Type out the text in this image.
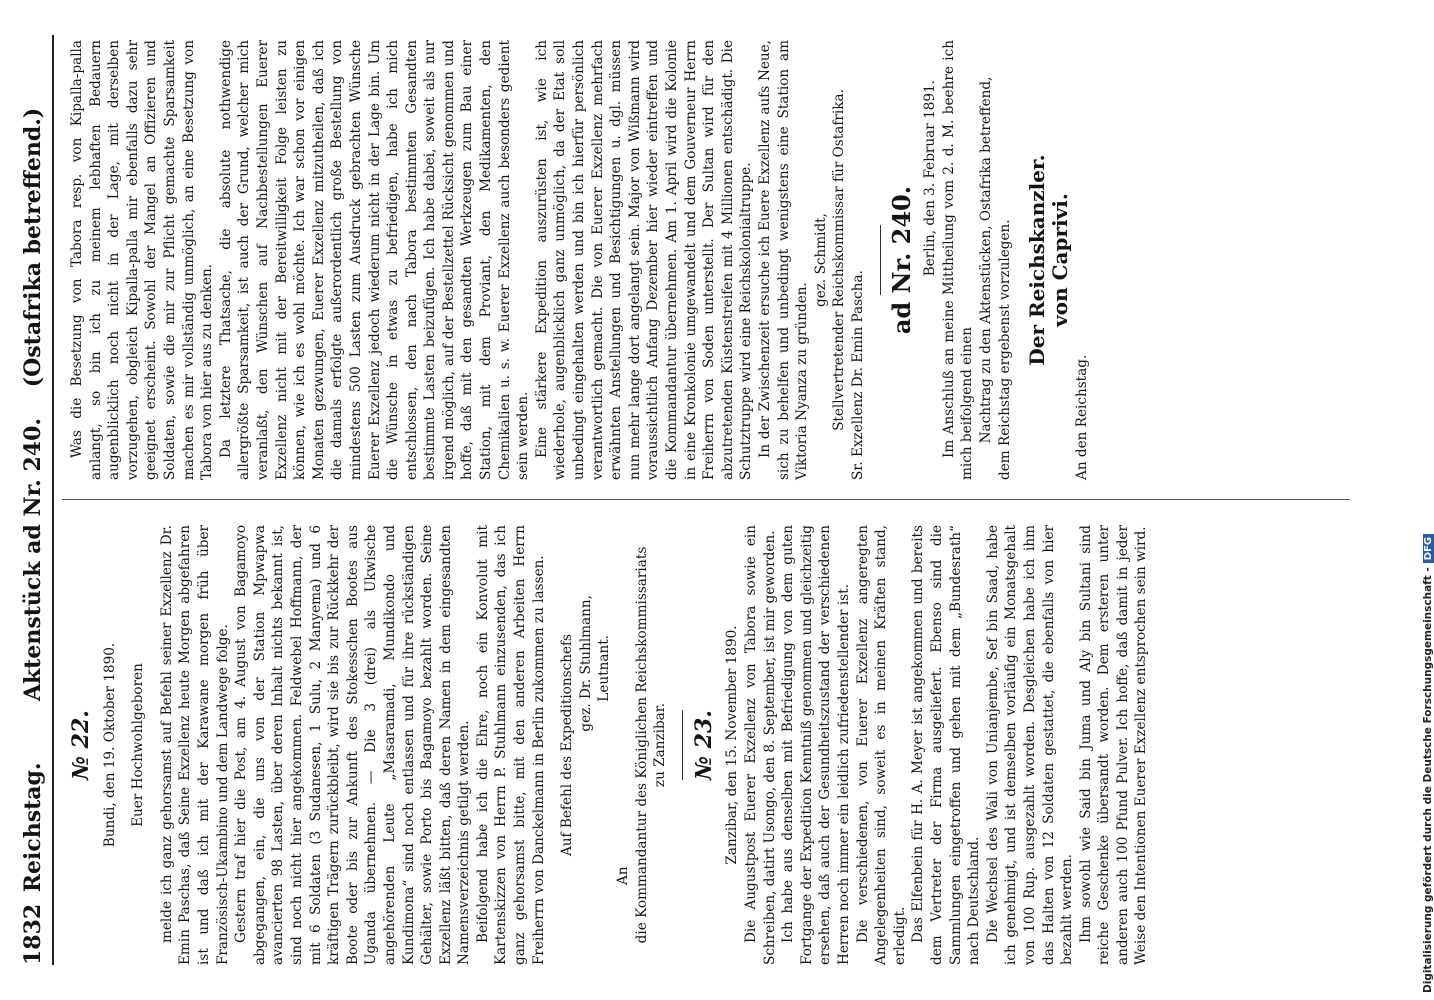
1832
Reichstag.        Aktenstück ad Nr. 240.    (Ostafrika betreffend.)
№ 22. Bundi, den 19. Oktober 1890. Euer Hochwohlgeboren melde ich ganz gehorsamst auf Befehl seiner Exzellenz Dr. Emin Paschas, daß Seine Exzellenz heute Morgen abgefahren ist und daß ich mit der Karawane morgen früh über Französisch-Ukambino und dem Landwege folge. Gestern traf hier die Post, am 4. August von Bagamoyo abgegangen, ein, die uns von der Station Mpwapwa avancierten 98 Lasten, über deren Inhalt nichts bekannt ist, sind noch nicht hier angekommen. Feldwebel Hoffmann, der mit 6 Soldaten (3 Sudanesen, 1 Sulu, 2 Manyema) und 6 kräftigen Trägern zurückbleibt, wird sie bis zur Rückkehr der Boote oder bis zur Ankunft des Stokesschen Bootes aus Uganda übernehmen. — Die 3 (drei) als Ukwische angehörenden Leute „Masaramadi, Mundikondo und Kundimona“ sind noch entlassen und für ihre rückständigen Gehälter, sowie Porto bis Bagamoyo bezahlt worden. Seine Exzellenz läßt bitten, daß deren Namen in dem eingesandten Namensverzeichnis getilgt werden. Beifolgend habe ich die Ehre, noch ein Konvolut mit Kartenskizzen von Herrn P. Stuhlmann einzusenden, das ich ganz gehorsamst bitte, mit den anderen Arbeiten Herrn Freiherrn von Danckelmann in Berlin zukommen zu lassen. Auf Befehl des Expeditionschefs gez. Dr. Stuhlmann, Leutnant.

An die Kommandantur des Königlichen Reichskommissariats zu Zanzibar. № 23. Zanzibar, den 15. November 1890. Die Augustpost Euerer Exzellenz von Tabora sowie ein Schreiben, datirt Usongo, den 8. September, ist mir geworden. Ich habe aus denselben mit Befriedigung von dem guten Fortgange der Expedition Kenntniß genommen und gleichzeitig ersehen, daß auch der Gesundheitszustand der verschiedenen Herren noch immer ein leidlich zufriedenstellender ist. Die verschiedenen, von Euerer Exzellenz angeregten Angelegenheiten sind, soweit es in meinen Kräften stand, erledigt. Das Elfenbein für H. A. Meyer ist angekommen und bereits dem Vertreter der Firma ausgeliefert. Ebenso sind die Sammlungen eingetroffen und gehen mit dem „Bundesrath“ nach Deutschland. Die Wechsel des Wali von Unianjembe, Sef bin Saad, habe ich genehmigt, und ist demselben vorläufig ein Monatsgehalt von 100 Rup. ausgezahlt worden. Desgleichen habe ich ihm das Halten von 12 Soldaten gestattet, die ebenfalls von hier bezahlt werden. Ihm sowohl wie Said bin Juma und Aly bin Sultani sind reiche Geschenke übersandt worden. Dem ersteren unter anderen auch 100 Pfund Pulver. Ich hoffe, daß damit in jeder Weise den Intentionen Euerer Exzellenz entsprochen sein wird.

Was die Besetzung von Tabora resp. von Kipalla-palla anlangt, so bin ich zu meinem lebhaften Bedauern augenblicklich noch nicht in der Lage, mit derselben vorzugehen, obgleich Kipalla-palla mir ebenfalls dazu sehr geeignet erscheint. Sowohl der Mangel an Offizieren und Soldaten, sowie die mir zur Pflicht gemachte Sparsamkeit machen es mir vollständig unmöglich, an eine Besetzung von Tabora von hier aus zu denken. Da letztere Thatsache, die absolute nothwendige allergrößte Sparsamkeit, ist auch der Grund, welcher mich veranlaßt, den Wünschen auf Nachbestellungen Euerer Exzellenz nicht mit der Bereitwilligkeit Folge leisten zu können, wie ich es wohl möchte. Ich war schon vor einigen Monaten gezwungen, Euerer Exzellenz mitzutheilen, daß ich die damals erfolgte außerordentlich große Bestellung von mindestens 500 Lasten zum Ausdruck gebrachten Wünsche Euerer Exzellenz jedoch wiederum nicht in der Lage bin. Um die Wünsche in etwas zu befriedigen, habe ich mich entschlossen, den nach Tabora bestimmten Gesandten bestimmte Lasten beizufügen. Ich habe dabei, soweit als nur irgend möglich, auf der Bestellzettel Rücksicht genommen und hoffe, daß mit den gesandten Werkzeugen zum Bau einer Station, mit dem Proviant, den Medikamenten, den Chemikalien u. s. w. Euerer Exzellenz auch besonders gedient sein werden. Eine stärkere Expedition auszurüsten ist, wie ich wiederhole, augenblicklich ganz unmöglich, da der Etat soll unbedingt eingehalten werden und bin ich hierfür persönlich verantwortlich gemacht. Die von Euerer Exzellenz mehrfach erwähnten Anstellungen und Besichtigungen u. dgl. müssen nun mehr lange dort angelangt sein. Major von Wißmann wird voraussichtlich Anfang Dezember hier wieder eintreffen und die Kommandantur übernehmen. Am 1. April wird die Kolonie in eine Kronkolonie umgewandelt und dem Gouverneur Herrn Freiherrn von Soden unterstellt. Der Sultan wird für den abzutretenden Küstenstreifen mit 4 Millionen entschädigt. Die Schutztruppe wird eine Reichskolonialtruppe. In der Zwischenzeit ersuche ich Euere Exzellenz aufs Neue, sich zu behelfen und unbedingt wenigstens eine Station am Viktoria Nyanza zu gründen.

gez. Schmidt, Stellvertretender Reichskommissar für Ostafrika. Sr. Exzellenz Dr. Emin Pascha.

ad Nr. 240. Berlin, den 3. Februar 1891. Im Anschluß an meine Mittheilung vom 2. d. M. beehre ich mich beifolgend einen Nachtrag zu den Aktenstücken, Ostafrika betreffend, dem Reichstag ergebenst vorzulegen. Der Reichskanzler.
von Caprivi.

An den Reichstag.

Digitalisierung gefördert durch die Deutsche Forschungsgemeinschaft -DFG
